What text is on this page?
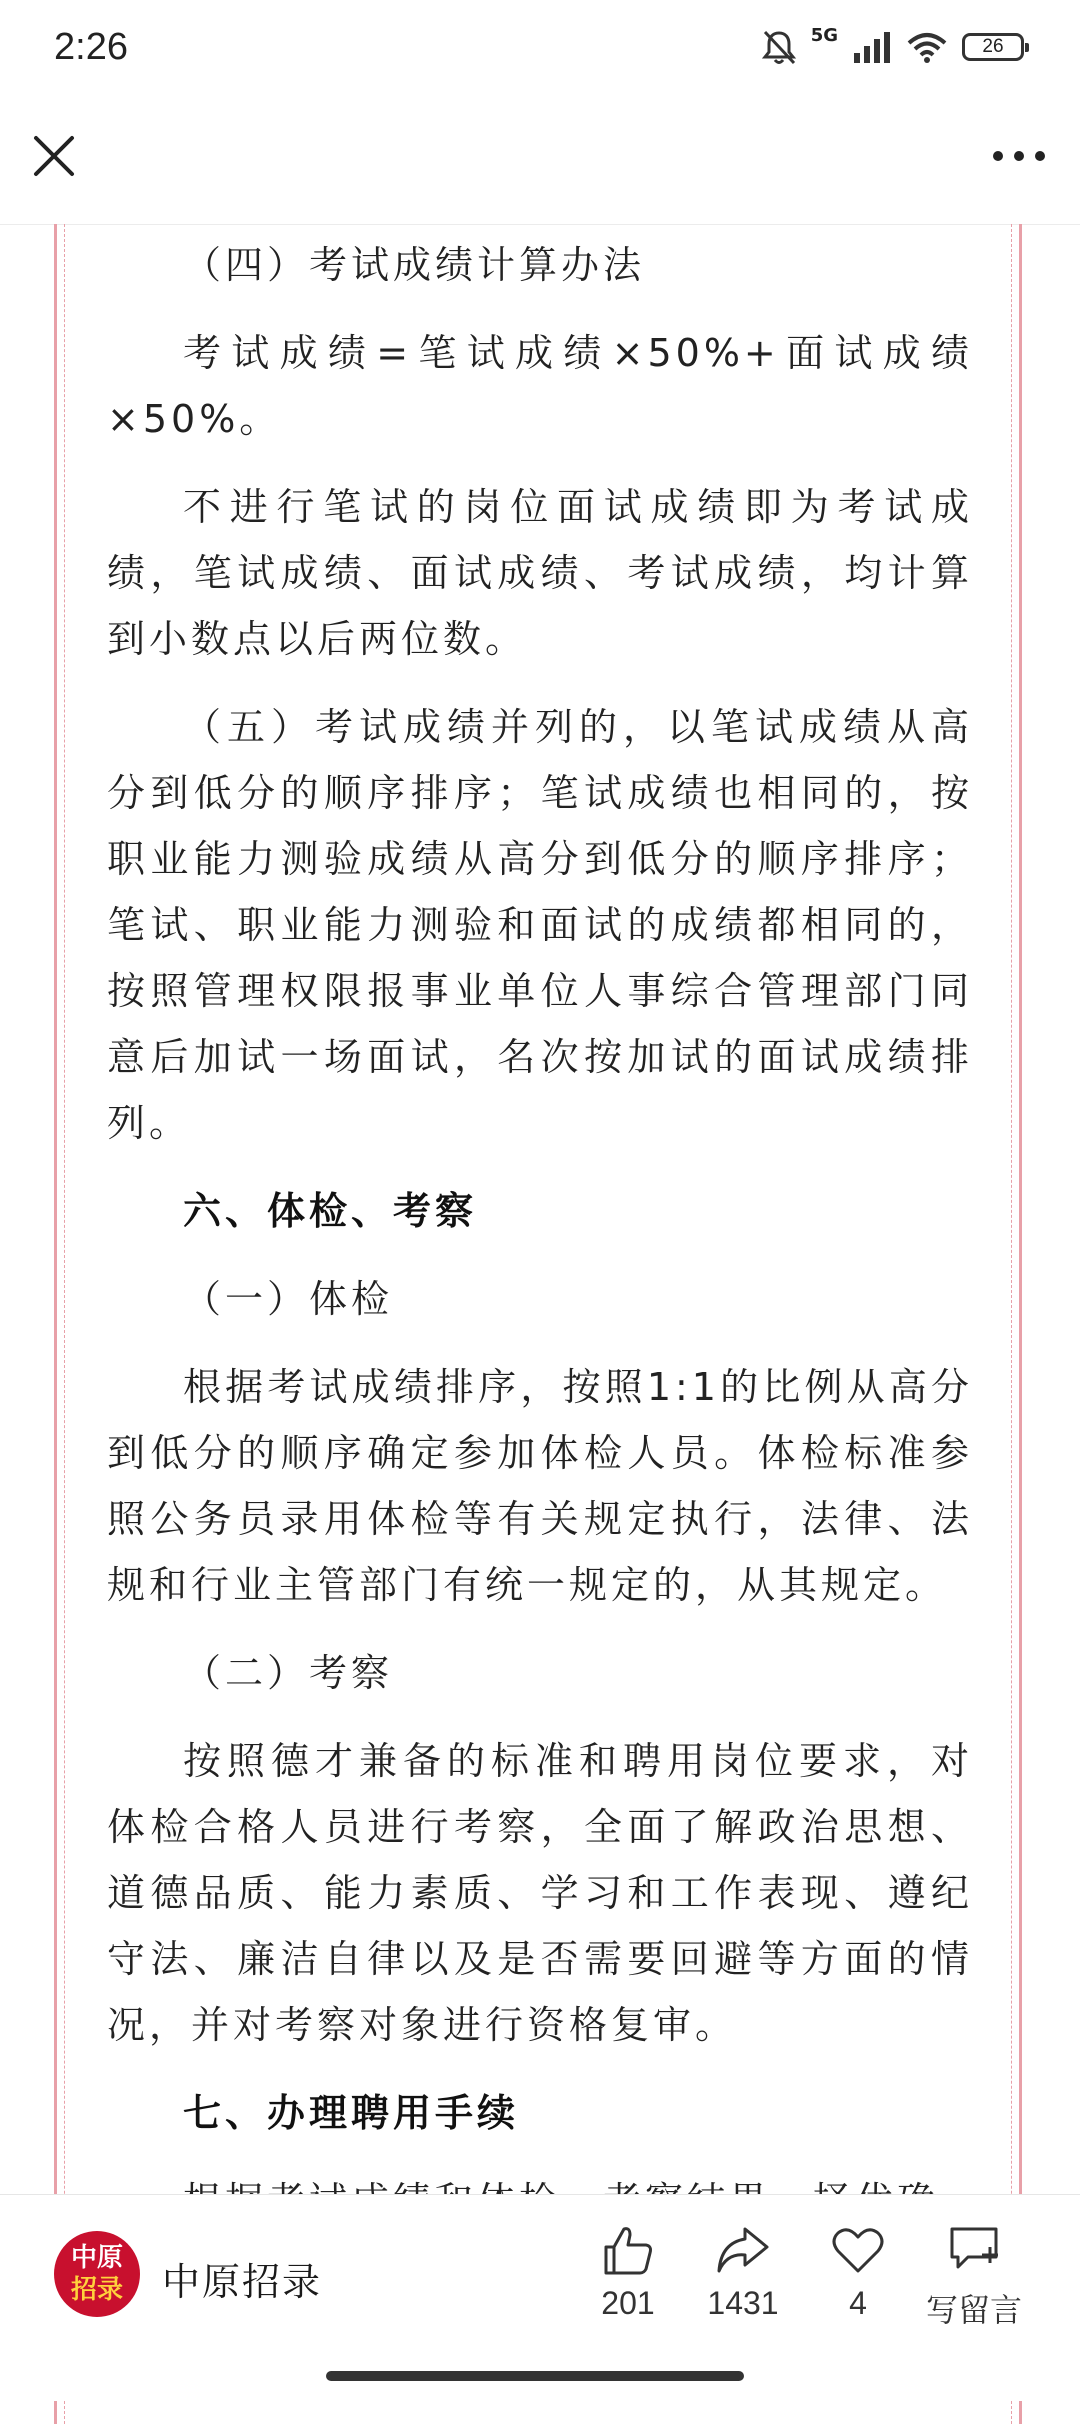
2:26	5G
26

（四）考试成绩计算办法

考试成绩=笔试成绩×50%+面试成绩×50%。

不进行笔试的岗位面试成绩即为考试成绩，笔试成绩、面试成绩、考试成绩，均计算到小数点以后两位数。

（五）考试成绩并列的，以笔试成绩从高分到低分的顺序排序；笔试成绩也相同的，按职业能力测验成绩从高分到低分的顺序排序；笔试、职业能力测验和面试的成绩都相同的，按照管理权限报事业单位人事综合管理部门同意后加试一场面试，名次按加试的面试成绩排列。

六、体检、考察

（一）体检

根据考试成绩排序，按照1:1的比例从高分到低分的顺序确定参加体检人员。体检标准参照公务员录用体检等有关规定执行，法律、法规和行业主管部门有统一规定的，从其规定。

（二）考察

按照德才兼备的标准和聘用岗位要求，对体检合格人员进行考察，全面了解政治思想、道德品质、能力素质、学习和工作表现、遵纪守法、廉洁自律以及是否需要回避等方面的情况，并对考察对象进行资格复审。

七、办理聘用手续

中原
招录	中原招录	201	1431	4	写留言
